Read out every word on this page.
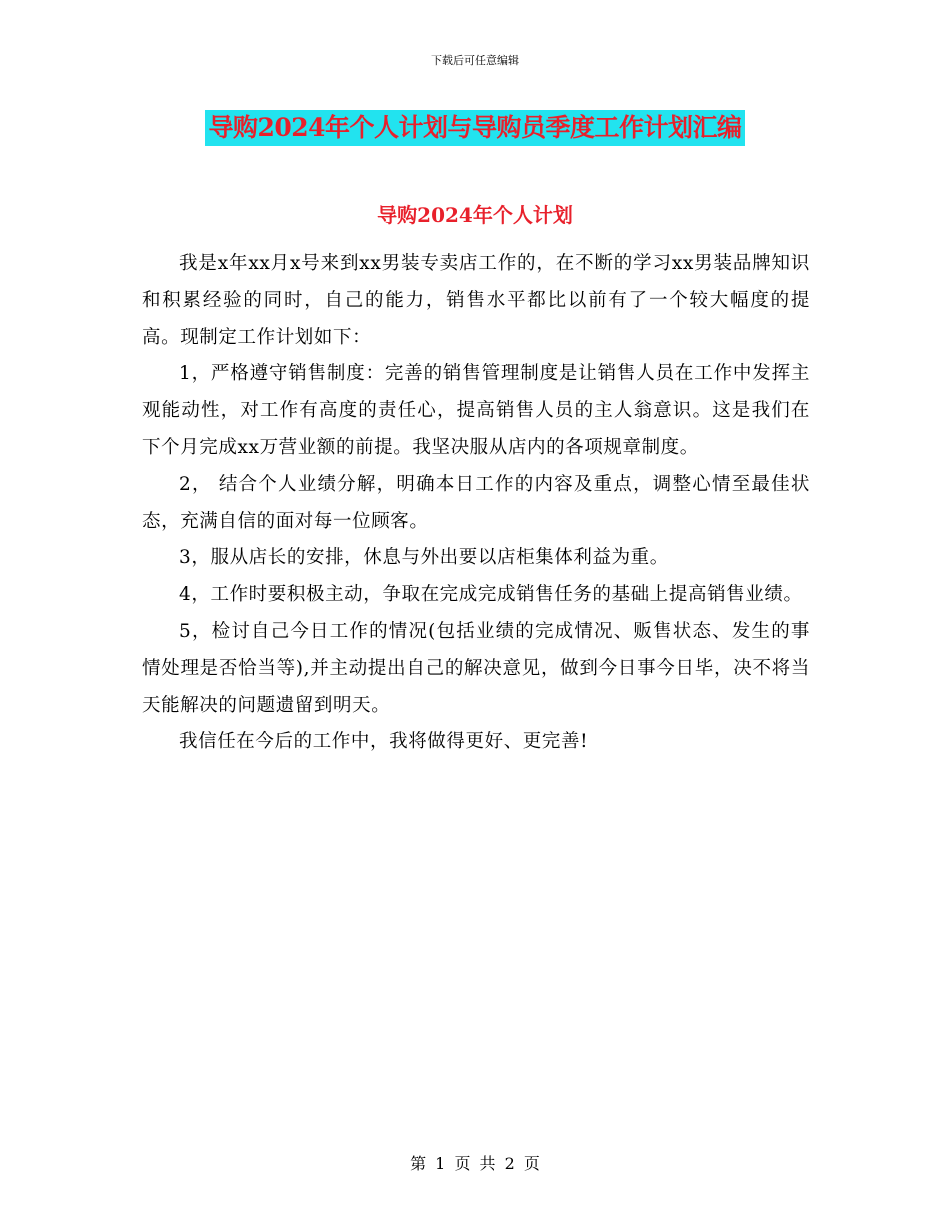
下载后可任意编辑
导购2024年个人计划与导购员季度工作计划汇编
导购2024年个人计划

我是x年xx月x号来到xx男装专卖店工作的，在不断的学习xx男装品牌知识和积累经验的同时，自己的能力，销售水平都比以前有了一个较大幅度的提高。现制定工作计划如下：

1，严格遵守销售制度：完善的销售管理制度是让销售人员在工作中发挥主观能动性，对工作有高度的责任心，提高销售人员的主人翁意识。这是我们在下个月完成xx万营业额的前提。我坚决服从店内的各项规章制度。

2， 结合个人业绩分解，明确本日工作的内容及重点，调整心情至最佳状态，充满自信的面对每一位顾客。

3，服从店长的安排，休息与外出要以店柜集体利益为重。

4，工作时要积极主动，争取在完成完成销售任务的基础上提高销售业绩。

5，检讨自己今日工作的情况(包括业绩的完成情况、贩售状态、发生的事情处理是否恰当等),并主动提出自己的解决意见，做到今日事今日毕，决不将当天能解决的问题遗留到明天。

我信任在今后的工作中，我将做得更好、更完善!

第 1 页 共 2 页
